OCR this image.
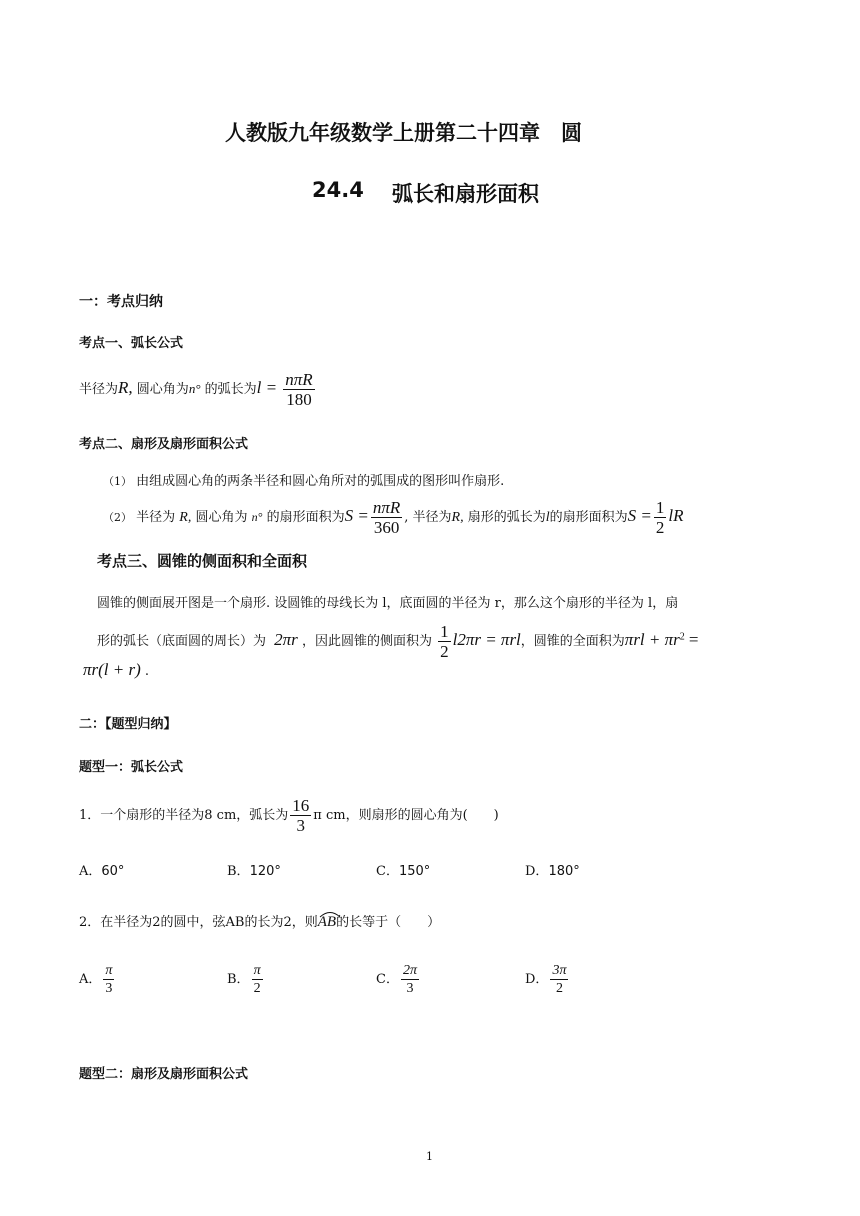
人教版九年级数学上册第二十四章　圆
24.4 弧长和扇形面积
一：考点归纳
考点一、弧长公式
半径为R, 圆心角为n° 的弧长为$l = \frac{\text{nπR}}{180}$
考点二、扇形及扇形面积公式
（1） 由组成圆心角的两条半径和圆心角所对的弧围成的图形叫作扇形.
（2） 半径为 R, 圆心角为 n° 的扇形面积为$S = \frac{\text{nπR}}{360}$ , 半径为R, 扇形的弧长为l的扇形面积为$S = \frac{1}{2}$ lR
考点三、圆锥的侧面积和全面积
圆锥的侧面展开图是一个扇形. 设圆锥的母线长为 l，底面圆的半径为 r，那么这个扇形的半径为 l，扇
形的弧长（底面圆的周长）为 2πr ，因此圆锥的侧面积为 $\frac{1}{2} l2\pi r = \pi rl$，圆锥的全面积为$\pi rl + \pi r^2$ =
πr(l + r) .
二：【题型归纳】
题型一：弧长公式
1．一个扇形的半径为8 cm，弧长为 $\frac{16}{3}$ π cm，则扇形的圆心角为(　　)
A．60°	B．120°	C．150°	D．180°
2．在半径为2的圆中，弦AB的长为2，则
AB的长等于（　　）
A． $\frac{\pi}{3}$	B． $\frac{\pi}{2}$	C． $\frac{2\pi}{3}$	D． $\frac{3\pi}{2}$
题型二：扇形及扇形面积公式
1
